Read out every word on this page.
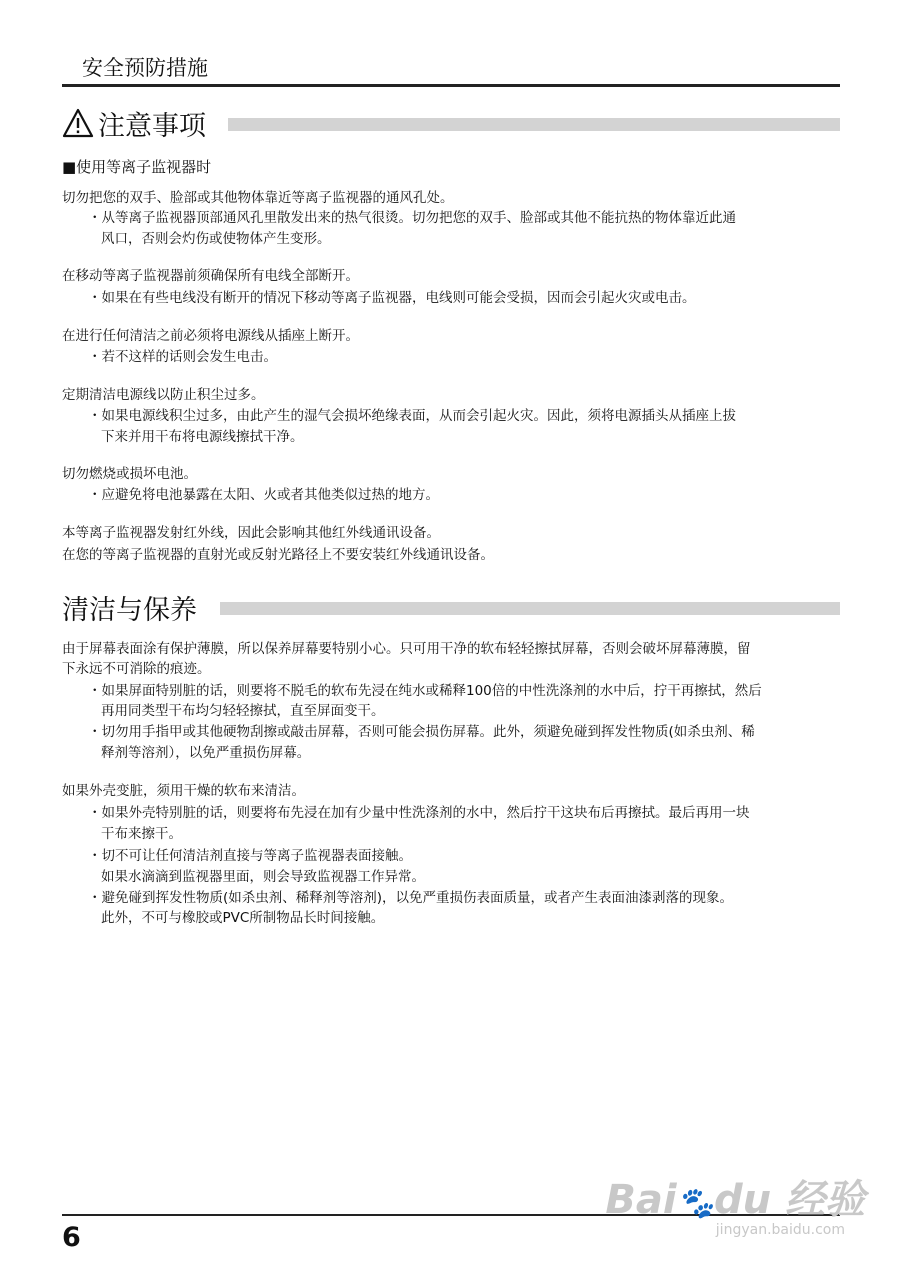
安全预防措施
注意事项
■使用等离子监视器时
切勿把您的双手、脸部或其他物体靠近等离子监视器的通风孔处。
・从等离子监视器顶部通风孔里散发出来的热气很烫。切勿把您的双手、脸部或其他不能抗热的物体靠近此通
风口，否则会灼伤或使物体产生变形。
在移动等离子监视器前须确保所有电线全部断开。
・如果在有些电线没有断开的情况下移动等离子监视器，电线则可能会受损，因而会引起火灾或电击。
在进行任何清洁之前必须将电源线从插座上断开。
・若不这样的话则会发生电击。
定期清洁电源线以防止积尘过多。
・如果电源线积尘过多，由此产生的湿气会损坏绝缘表面，从而会引起火灾。因此，须将电源插头从插座上拔
下来并用干布将电源线擦拭干净。
切勿燃烧或损坏电池。
・应避免将电池暴露在太阳、火或者其他类似过热的地方。
本等离子监视器发射红外线，因此会影响其他红外线通讯设备。
在您的等离子监视器的直射光或反射光路径上不要安装红外线通讯设备。
清洁与保养
由于屏幕表面涂有保护薄膜，所以保养屏幕要特别小心。只可用干净的软布轻轻擦拭屏幕，否则会破坏屏幕薄膜，留
下永远不可消除的痕迹。
・如果屏面特别脏的话，则要将不脱毛的软布先浸在纯水或稀释100倍的中性洗涤剂的水中后，拧干再擦拭，然后
再用同类型干布均匀轻轻擦拭，直至屏面变干。
・切勿用手指甲或其他硬物刮擦或敲击屏幕，否则可能会损伤屏幕。此外，须避免碰到挥发性物质(如杀虫剂、稀
释剂等溶剂），以免严重损伤屏幕。
如果外壳变脏，须用干燥的软布来清洁。
・如果外壳特别脏的话，则要将布先浸在加有少量中性洗涤剂的水中，然后拧干这块布后再擦拭。最后再用一块
干布来擦干。
・切不可让任何清洁剂直接与等离子监视器表面接触。
如果水滴滴到监视器里面，则会导致监视器工作异常。
・避免碰到挥发性物质(如杀虫剂、稀释剂等溶剂)，以免严重损伤表面质量，或者产生表面油漆剥落的现象。
此外，不可与橡胶或PVC所制物品长时间接触。
6
Bai🐾du 经验
jingyan.baidu.com
